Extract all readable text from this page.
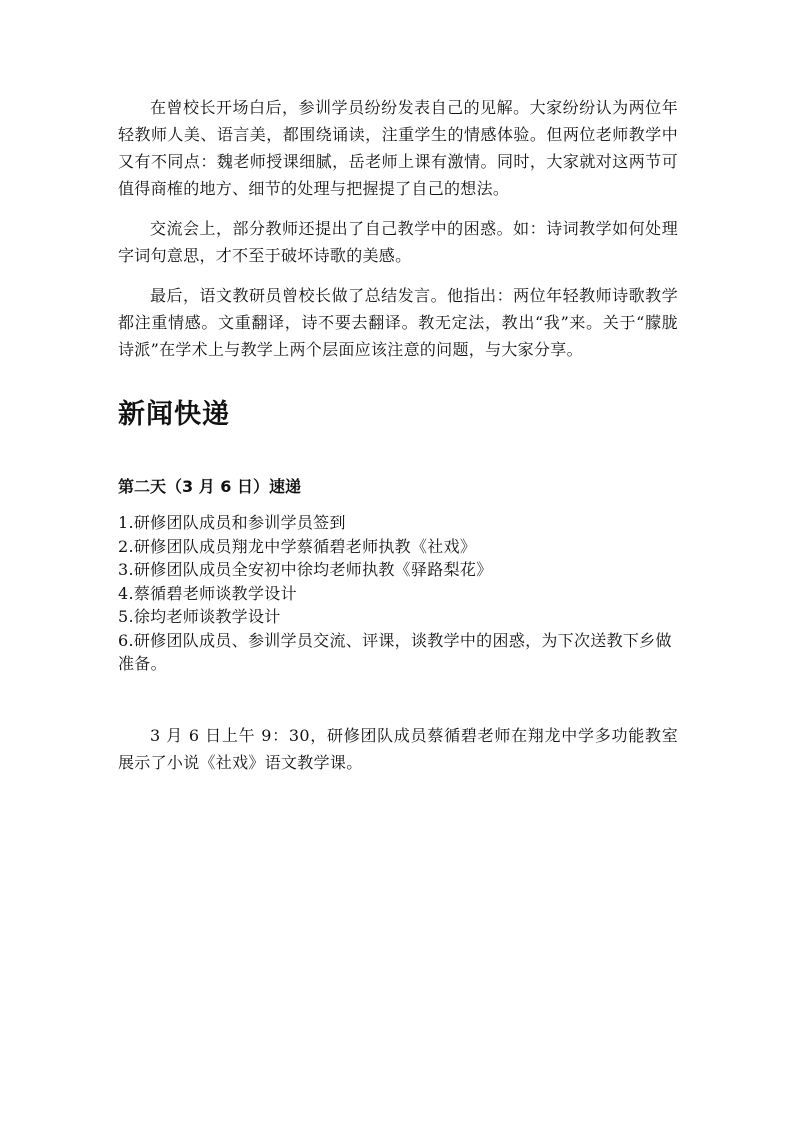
在曾校长开场白后，参训学员纷纷发表自己的见解。大家纷纷认为两位年轻教师人美、语言美，都围绕诵读，注重学生的情感体验。但两位老师教学中又有不同点：魏老师授课细腻，岳老师上课有激情。同时，大家就对这两节可值得商榷的地方、细节的处理与把握提了自己的想法。

交流会上，部分教师还提出了自己教学中的困惑。如：诗词教学如何处理字词句意思，才不至于破坏诗歌的美感。

最后，语文教研员曾校长做了总结发言。他指出：两位年轻教师诗歌教学都注重情感。文重翻译，诗不要去翻译。教无定法，教出“我”来。关于“朦胧诗派”在学术上与教学上两个层面应该注意的问题，与大家分享。

新闻快递
第二天（3 月 6 日）速递
1.研修团队成员和参训学员签到
2.研修团队成员翔龙中学蔡循碧老师执教《社戏》
3.研修团队成员全安初中徐均老师执教《驿路梨花》
4.蔡循碧老师谈教学设计
5.徐均老师谈教学设计
6.研修团队成员、参训学员交流、评课，谈教学中的困惑，为下次送教下乡做准备。

3 月 6 日上午 9：30，研修团队成员蔡循碧老师在翔龙中学多功能教室展示了小说《社戏》语文教学课。
